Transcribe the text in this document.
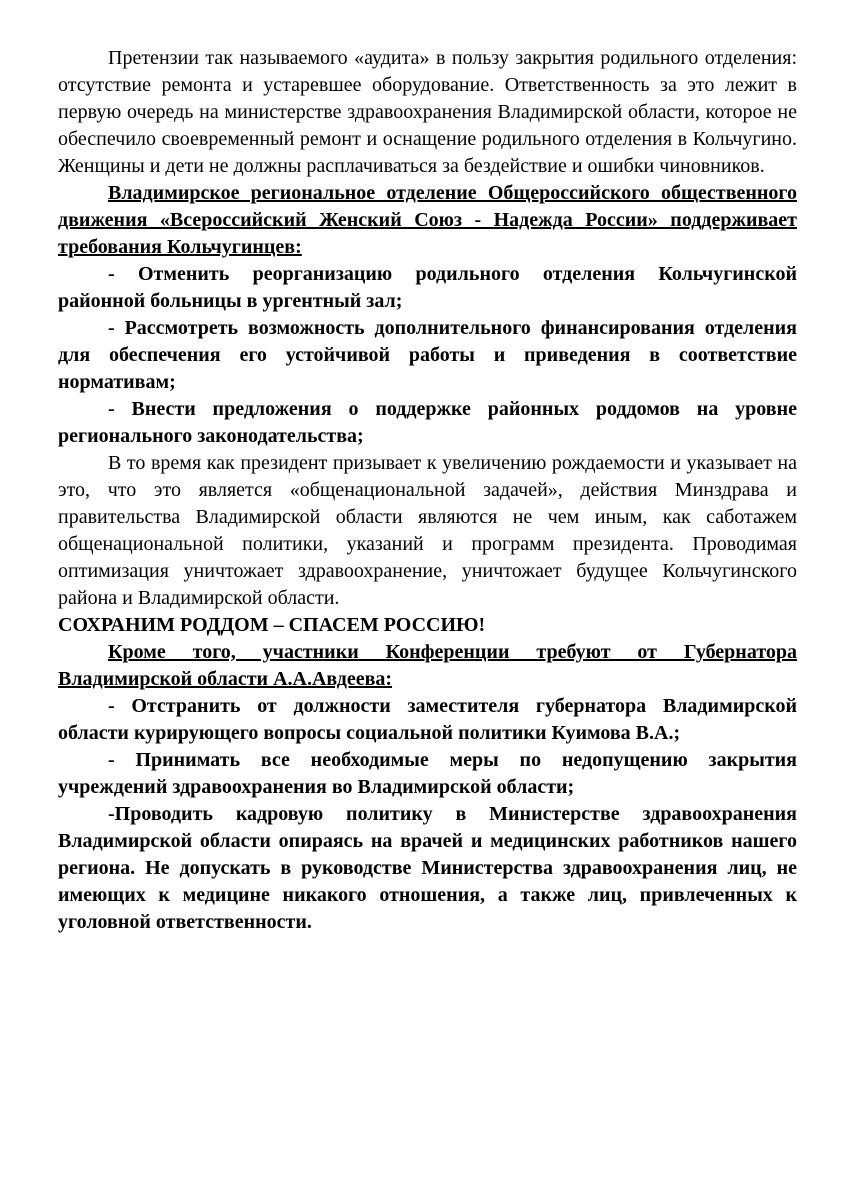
Претензии так называемого «аудита» в пользу закрытия родильного отделения: отсутствие ремонта и устаревшее оборудование. Ответственность за это лежит в первую очередь на министерстве здравоохранения Владимирской области, которое не обеспечило своевременный ремонт и оснащение родильного отделения в Кольчугино. Женщины и дети не должны расплачиваться за бездействие и ошибки чиновников.

Владимирское региональное отделение Общероссийского общественного движения «Всероссийский Женский Союз - Надежда России» поддерживает требования Кольчугинцев:

- Отменить реорганизацию родильного отделения Кольчугинской районной больницы в ургентный зал;

- Рассмотреть возможность дополнительного финансирования отделения для обеспечения его устойчивой работы и приведения в соответствие нормативам;

- Внести предложения о поддержке районных роддомов на уровне регионального законодательства;

В то время как президент призывает к увеличению рождаемости и указывает на это, что это является «общенациональной задачей», действия Минздрава и правительства Владимирской области являются не чем иным, как саботажем общенациональной политики, указаний и программ президента. Проводимая оптимизация уничтожает здравоохранение, уничтожает будущее Кольчугинского района и Владимирской области.

СОХРАНИМ РОДДОМ – СПАСЕМ РОССИЮ!

Кроме того, участники Конференции требуют от Губернатора Владимирской области А.А.Авдеева:

- Отстранить от должности заместителя губернатора Владимирской области курирующего вопросы социальной политики Куимова В.А.;

- Принимать все необходимые меры по недопущению закрытия учреждений здравоохранения во Владимирской области;

-Проводить кадровую политику в Министерстве здравоохранения Владимирской области опираясь на врачей и медицинских работников нашего региона. Не допускать в руководстве Министерства здравоохранения лиц, не имеющих к медицине никакого отношения, а также лиц, привлеченных к уголовной ответственности.
